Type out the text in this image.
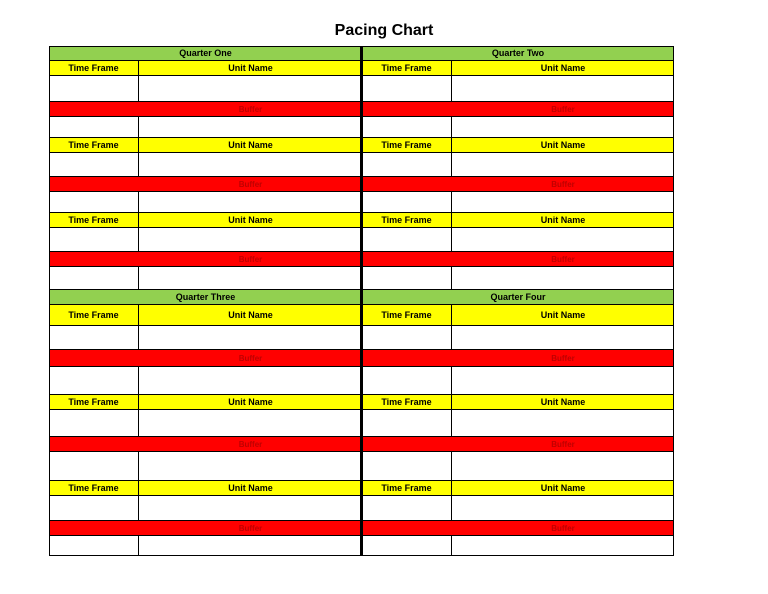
Pacing Chart
Quarter One
Time Frame	Unit Name
Buffer
Time Frame	Unit Name
Buffer
Time Frame	Unit Name
Buffer
Quarter Three
Time Frame	Unit Name
Buffer
Time Frame	Unit Name
Buffer
Time Frame	Unit Name
Buffer
Quarter Two
Time Frame	Unit Name
Buffer
Time Frame	Unit Name
Buffer
Time Frame	Unit Name
Buffer
Quarter Four
Time Frame	Unit Name
Buffer
Time Frame	Unit Name
Buffer
Time Frame	Unit Name
Buffer
